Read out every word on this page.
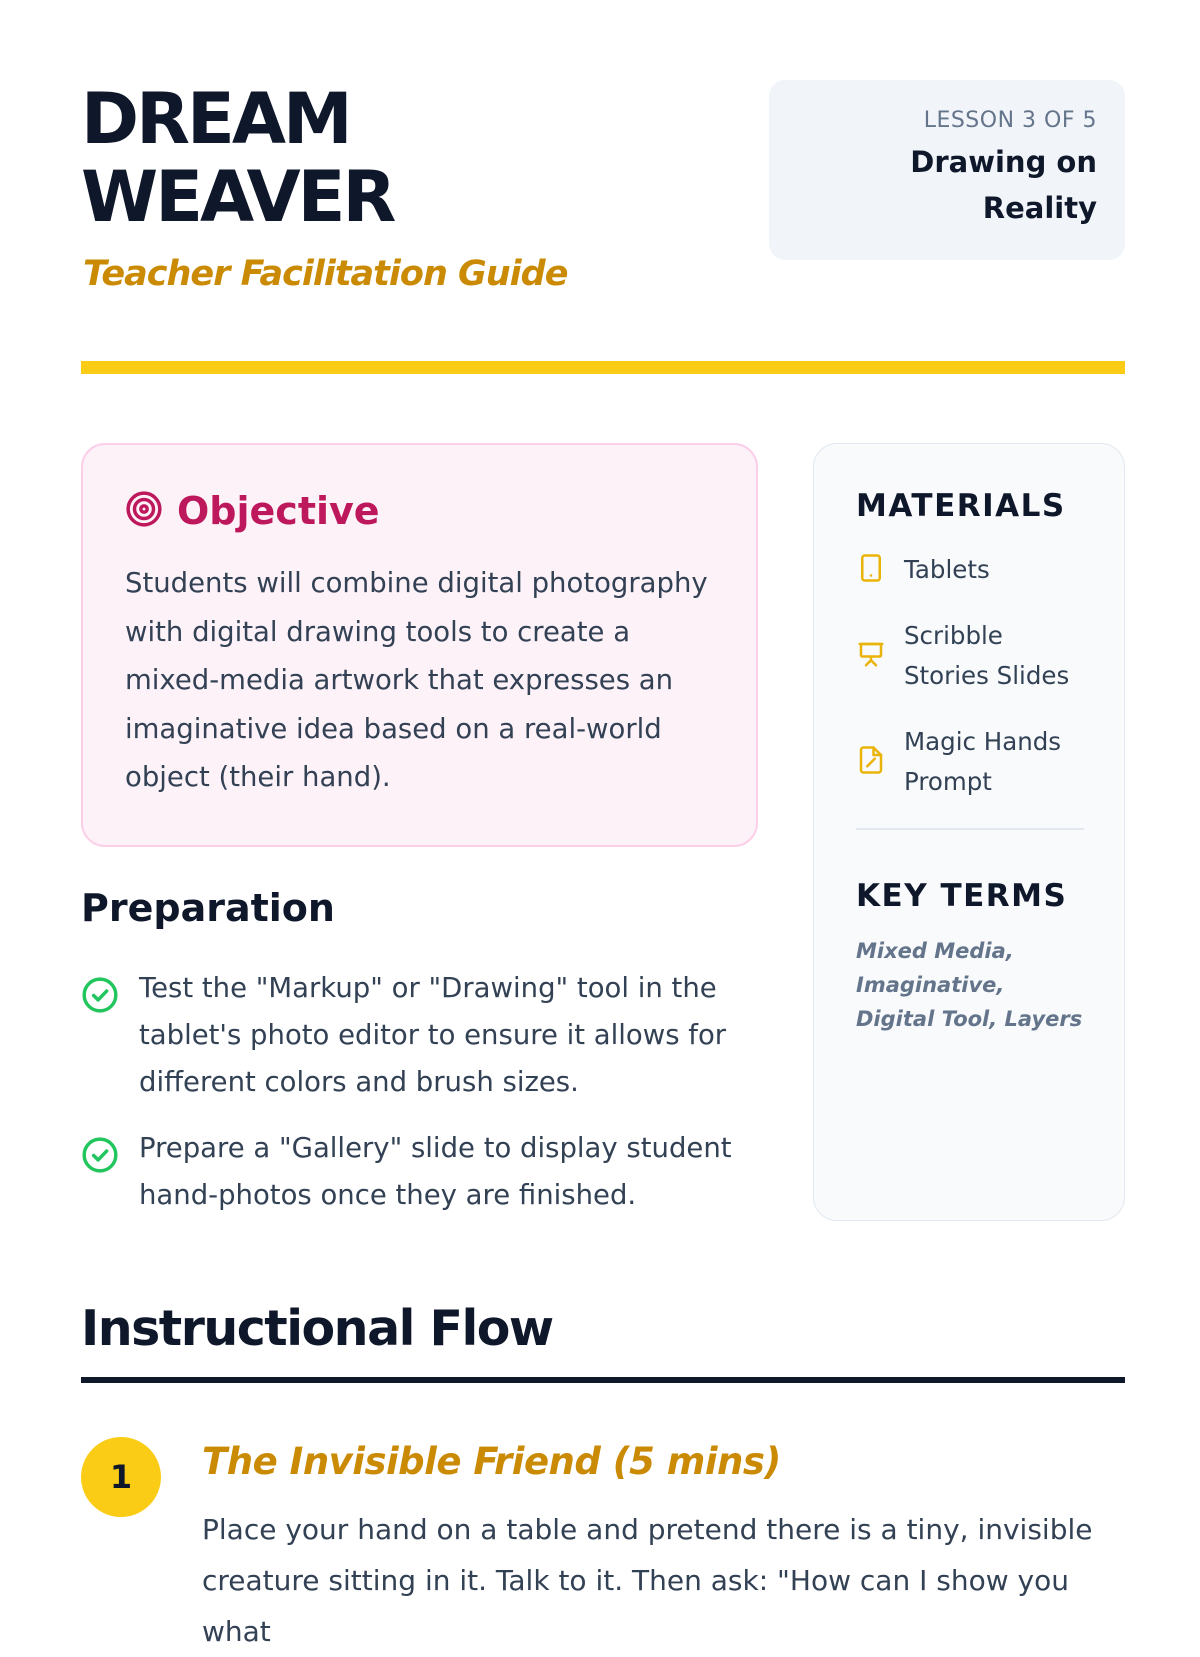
DREAM
WEAVER
Teacher Facilitation Guide
LESSON 3 OF 5
Drawing on Reality
Objective

Students will combine digital photography with digital drawing tools to create a mixed-media artwork that expresses an imaginative idea based on a real-world object (their hand).

Preparation
Test the "Markup" or "Drawing" tool in the tablet's photo editor to ensure it allows for different colors and brush sizes.
Prepare a "Gallery" slide to display student hand-photos once they are finished.
MATERIALS
Tablets
Scribble Stories Slides
Magic Hands Prompt
KEY TERMS

Mixed Media, Imaginative, Digital Tool, Layers

Instructional Flow
1	The Invisible Friend (5 mins)

Place your hand on a table and pretend there is a tiny, invisible creature sitting in it. Talk to it. Then ask: "How can I show you what
